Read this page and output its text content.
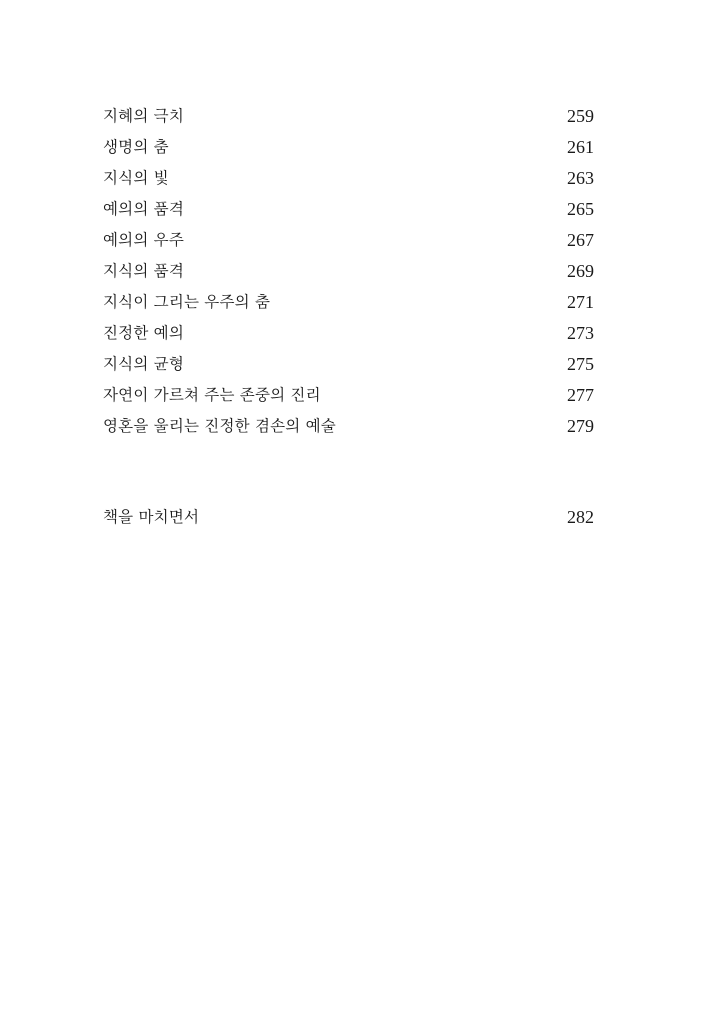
지혜의 극치	259
생명의 춤	261
지식의 빛	263
예의의 품격	265
예의의 우주	267
지식의 품격	269
지식이 그리는 우주의 춤	271
진정한 예의	273
지식의 균형	275
자연이 가르쳐 주는 존중의 진리	277
영혼을 울리는 진정한 겸손의 예술	279
책을 마치면서	282
